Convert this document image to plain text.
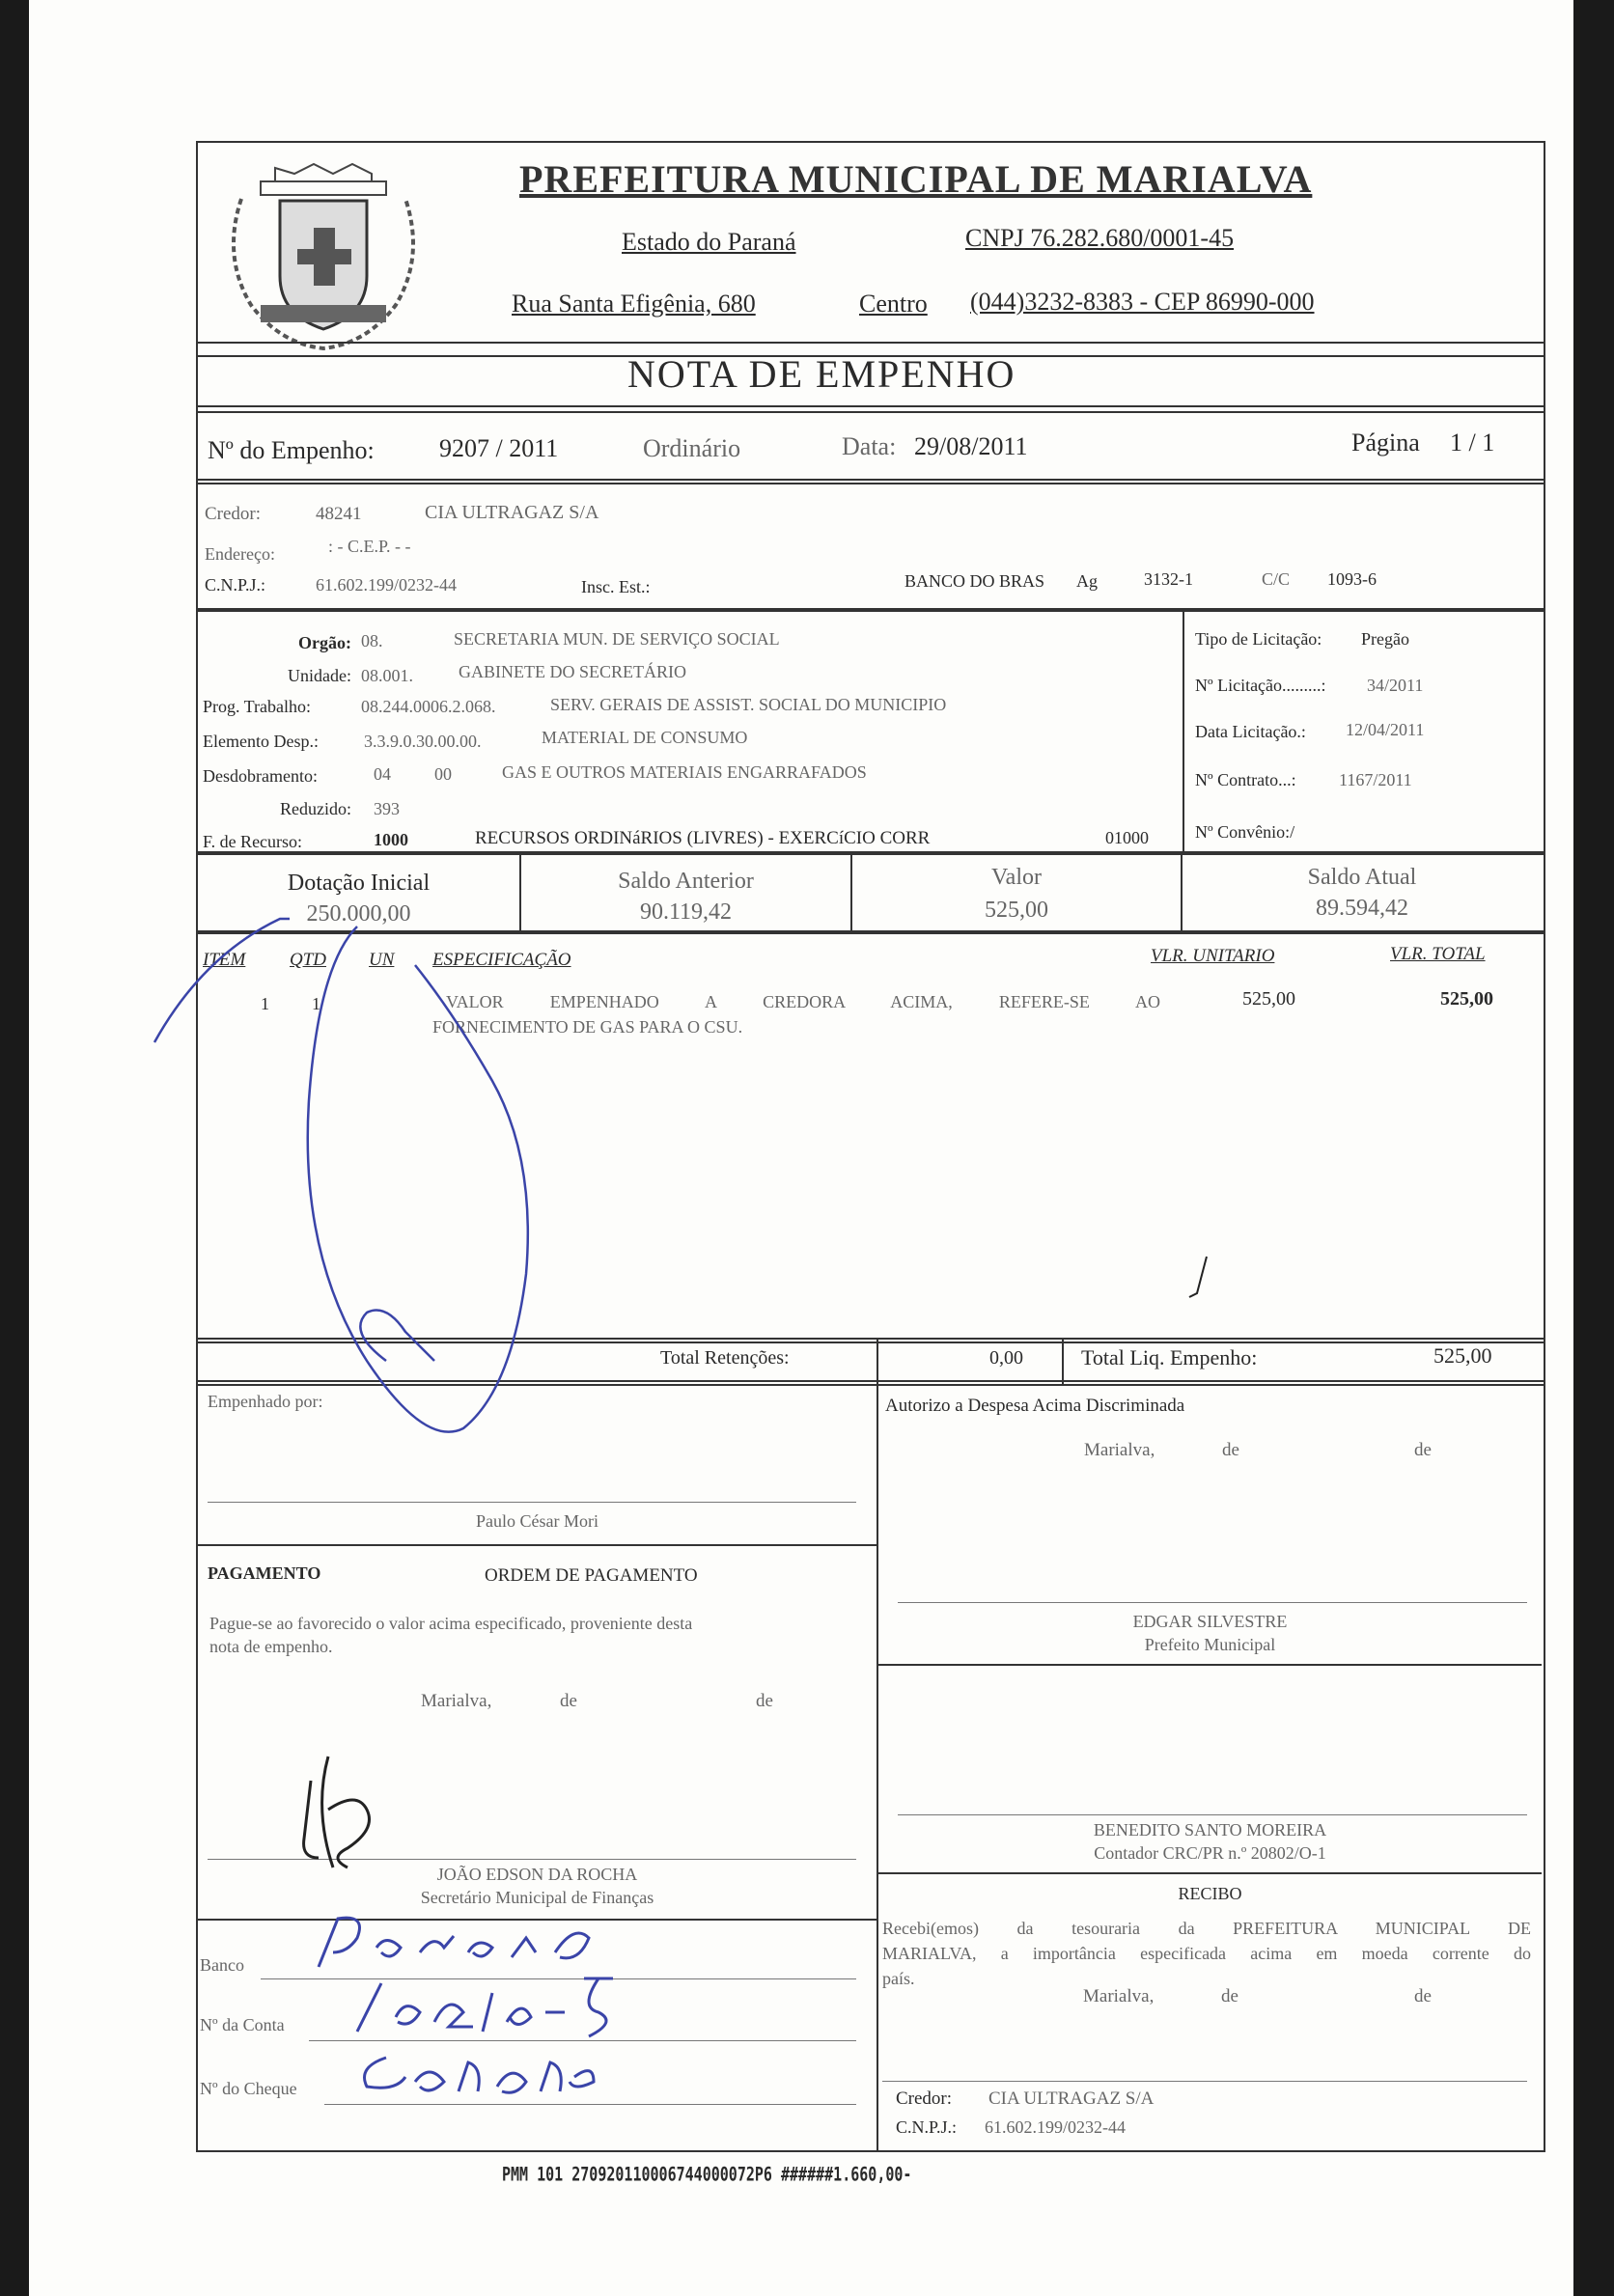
PREFEITURA MUNICIPAL DE MARIALVA
Estado do Paraná	CNPJ 76.282.680/0001-45
Rua Santa Efigênia, 680	Centro (044)3232-8383 - CEP 86990-000
NOTA DE EMPENHO
Nº do Empenho:	9207 / 2011	Ordinário	Data: 29/08/2011	Página 1 / 1
Credor:	48241	CIA ULTRAGAZ S/A
Endereço:	: - C.E.P. - -
C.N.P.J.:	61.602.199/0232-44	Insc. Est.:	BANCO DO BRAS Ag	3132-1	C/C 1093-6
Orgão: 08.	SECRETARIA MUN. DE SERVIÇO SOCIAL
Unidade: 08.001.	GABINETE DO SECRETÁRIO
Prog. Trabalho:	08.244.0006.2.068.	SERV. GERAIS DE ASSIST. SOCIAL DO MUNICIPIO
Elemento Desp.:	3.3.9.0.30.00.00.	MATERIAL DE CONSUMO
Desdobramento:	04	00	GAS E OUTROS MATERIAIS ENGARRAFADOS
Reduzido: 393
F. de Recurso:	1000	RECURSOS ORDINáRIOS (LIVRES) - EXERCíCIO CORR	01000
Tipo de Licitação: Pregão
Nº Licitação.........: 34/2011
Data Licitação.: 12/04/2011
Nº Contrato...: 1167/2011
Nº Convênio:/
Dotação Inicial
250.000,00
Saldo Anterior
90.119,42
Valor
525,00
Saldo Atual
89.594,42
ITEM QTD UN ESPECIFICAÇÃO	VLR. UNITARIO	VLR. TOTAL
1 1	VALOR EMPENHADO A CREDORA ACIMA, REFERE-SE AO
FORNECIMENTO DE GAS PARA O CSU.
525,00	525,00
Total Retenções:	0,00	Total Liq. Empenho:	525,00
Empenhado por:
Paulo César Mori
PAGAMENTO	ORDEM DE PAGAMENTO
Pague-se ao favorecido o valor acima especificado, proveniente desta
nota de empenho.
Marialva,	de	de
JOÃO EDSON DA ROCHA
Secretário Municipal de Finanças
Banco
Nº da Conta
Nº do Cheque
Autorizo a Despesa Acima Discriminada
Marialva,	de	de
EDGAR SILVESTRE
Prefeito Municipal
BENEDITO SANTO MOREIRA
Contador CRC/PR n.º 20802/O-1
RECIBO
Recebi(emos) da tesouraria da PREFEITURA MUNICIPAL DE
MARIALVA, a importância especificada acima em moeda corrente do
país.
Marialva,	de	de
Credor: CIA ULTRAGAZ S/A
C.N.P.J.: 61.602.199/0232-44
PMM 101 270920110006744000072P6 ######1.660,00-
